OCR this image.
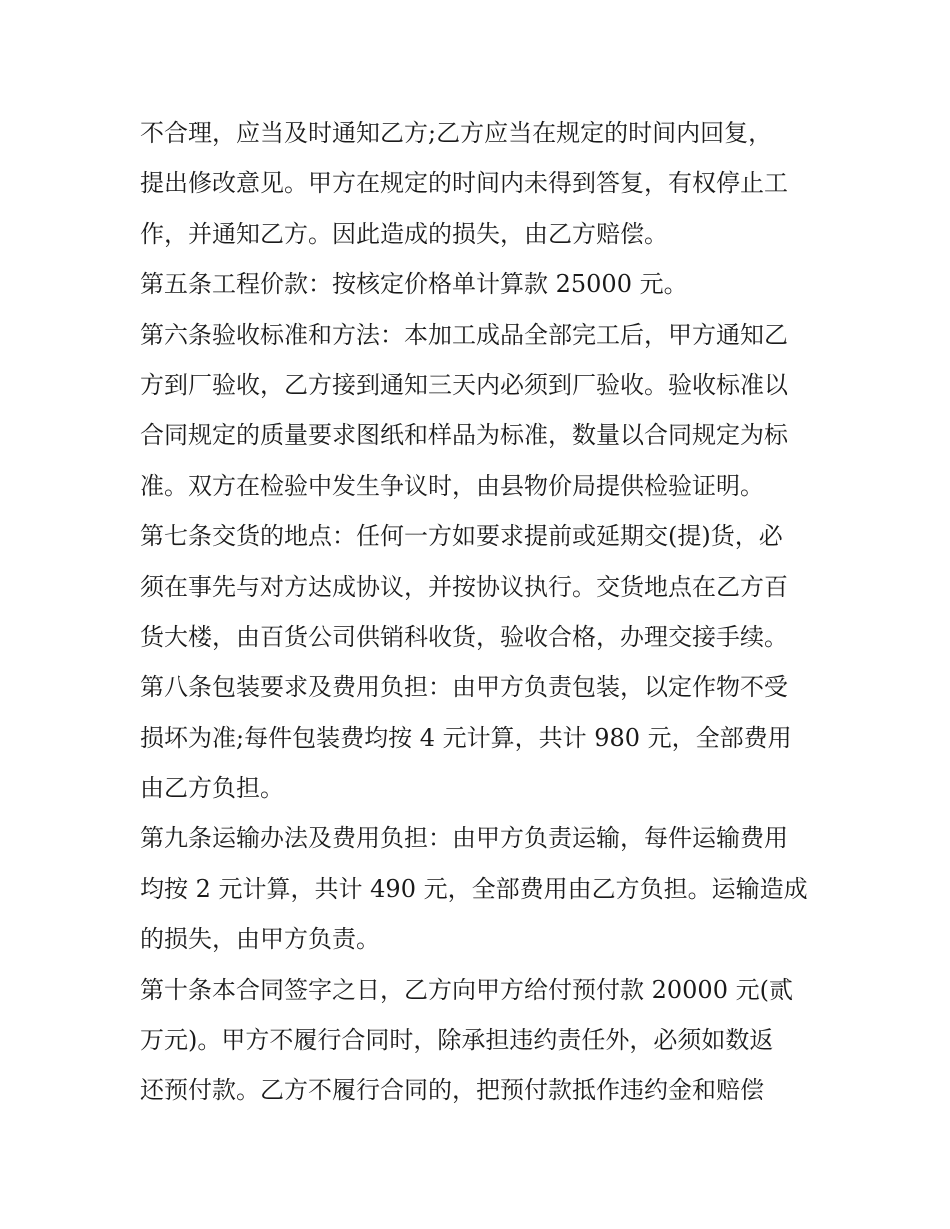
不合理，应当及时通知乙方;乙方应当在规定的时间内回复，
提出修改意见。甲方在规定的时间内未得到答复，有权停止工
作，并通知乙方。因此造成的损失，由乙方赔偿。
第五条工程价款：按核定价格单计算款 25000 元。
第六条验收标准和方法：本加工成品全部完工后，甲方通知乙
方到厂验收，乙方接到通知三天内必须到厂验收。验收标准以
合同规定的质量要求图纸和样品为标准，数量以合同规定为标
准。双方在检验中发生争议时，由县物价局提供检验证明。
第七条交货的地点：任何一方如要求提前或延期交(提)货，必
须在事先与对方达成协议，并按协议执行。交货地点在乙方百
货大楼，由百货公司供销科收货，验收合格，办理交接手续。
第八条包装要求及费用负担：由甲方负责包装，以定作物不受
损坏为准;每件包装费均按 4 元计算，共计 980 元，全部费用
由乙方负担。
第九条运输办法及费用负担：由甲方负责运输，每件运输费用
均按 2 元计算，共计 490 元，全部费用由乙方负担。运输造成
的损失，由甲方负责。
第十条本合同签字之日，乙方向甲方给付预付款 20000 元(贰
万元)。甲方不履行合同时，除承担违约责任外，必须如数返
还预付款。乙方不履行合同的，把预付款抵作违约金和赔偿
